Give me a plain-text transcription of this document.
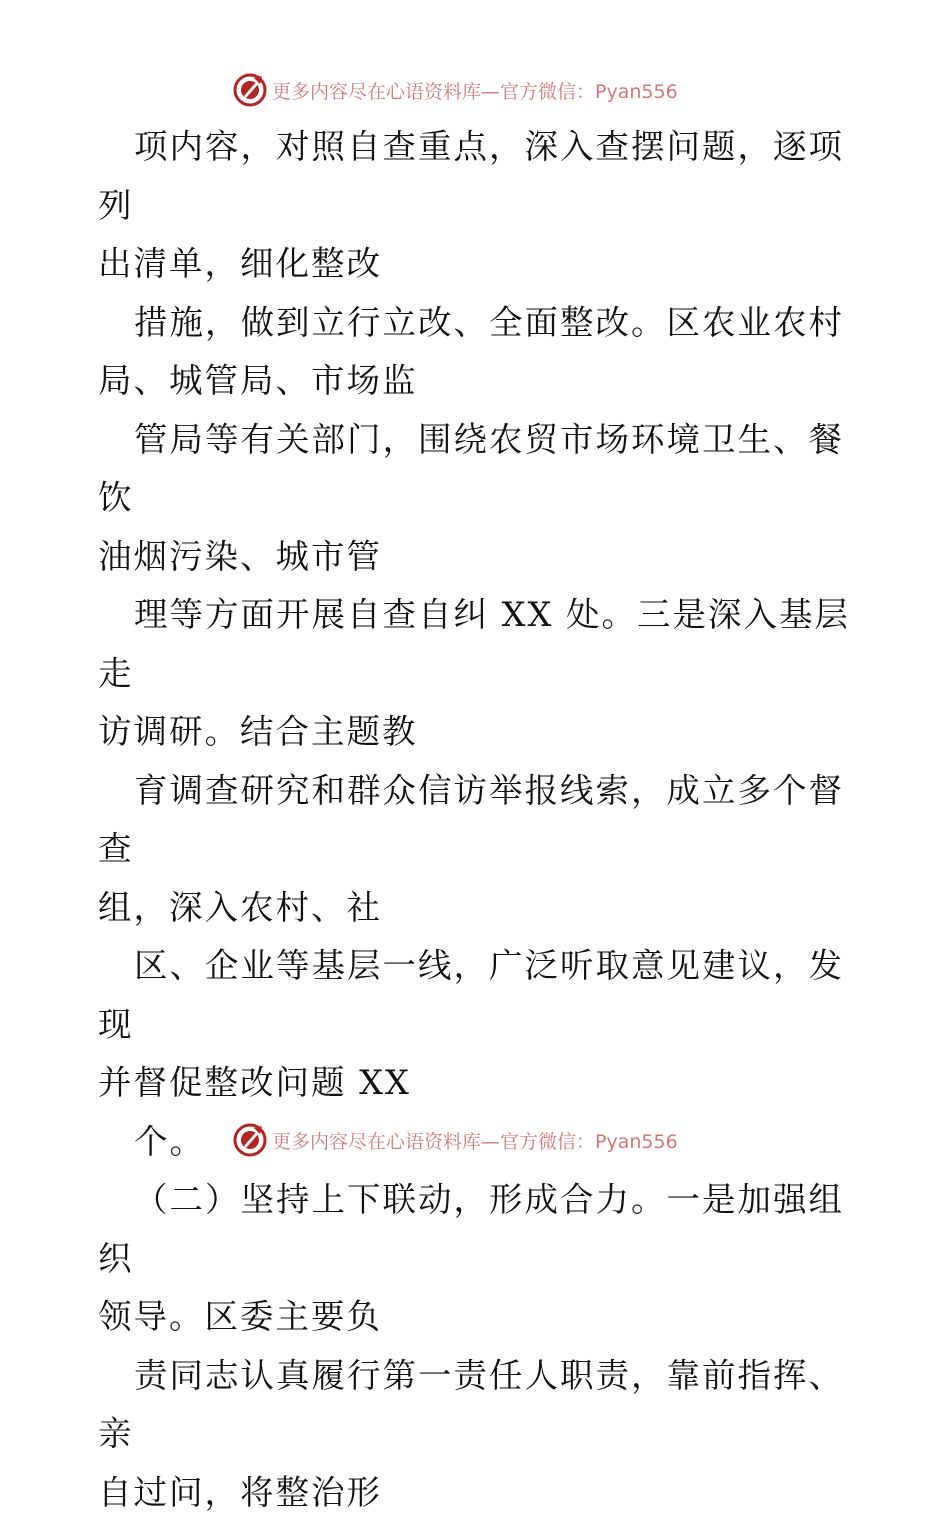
更多内容尽在心语资料库—官方微信：Pyan556

项内容，对照自查重点，深入查摆问题，逐项列
出清单，细化整改

措施，做到立行立改、全面整改。区农业农村
局、城管局、市场监

管局等有关部门，围绕农贸市场环境卫生、餐饮
油烟污染、城市管

理等方面开展自查自纠 XX 处。三是深入基层走
访调研。结合主题教

育调查研究和群众信访举报线索，成立多个督查
组，深入农村、社

区、企业等基层一线，广泛听取意见建议，发现
并督促整改问题 XX

个。

（二）坚持上下联动，形成合力。一是加强组织
领导。区委主要负

责同志认真履行第一责任人职责，靠前指挥、亲
自过问，将整治形

更多内容尽在心语资料库—官方微信：Pyan556
